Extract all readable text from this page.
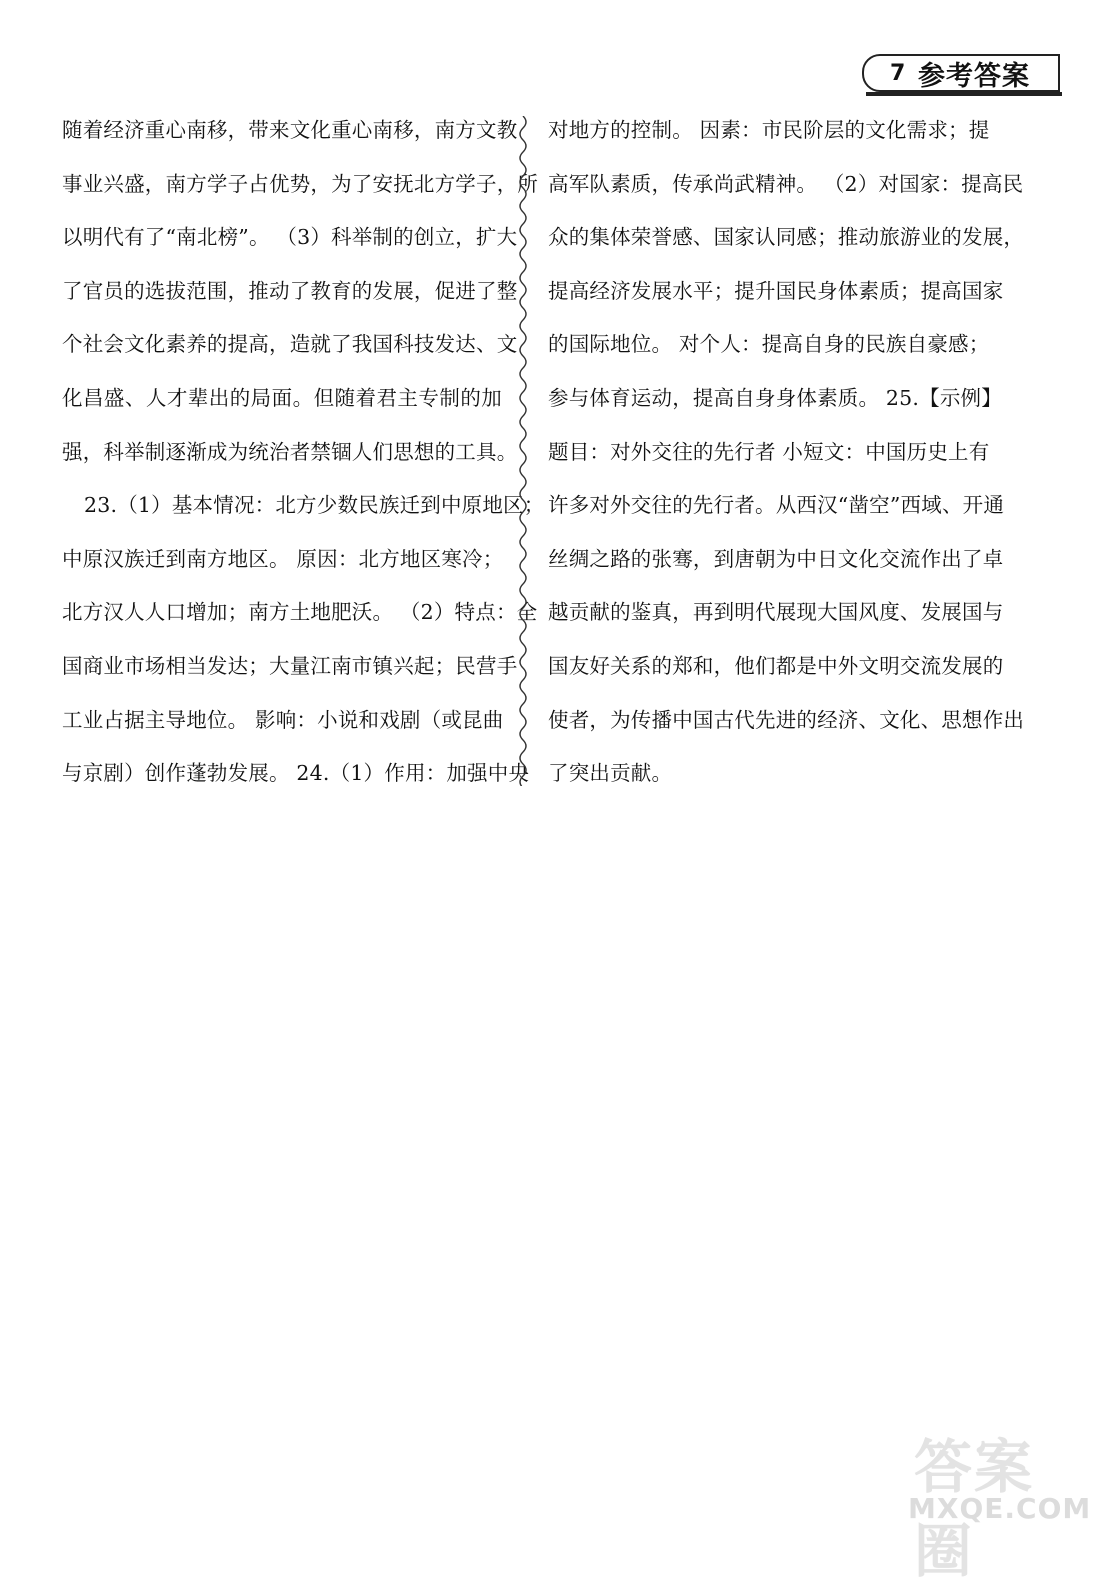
7 参考答案
随着经济重心南移，带来文化重心南移，南方文教
事业兴盛，南方学子占优势，为了安抚北方学子，所
以明代有了“南北榜”。 （3）科举制的创立，扩大
了官员的选拔范围，推动了教育的发展，促进了整
个社会文化素养的提高，造就了我国科技发达、文
化昌盛、人才辈出的局面。但随着君主专制的加
强，科举制逐渐成为统治者禁锢人们思想的工具。
23.（1）基本情况：北方少数民族迁到中原地区；
中原汉族迁到南方地区。 原因：北方地区寒冷；
北方汉人人口增加；南方土地肥沃。 （2）特点：全
国商业市场相当发达；大量江南市镇兴起；民营手
工业占据主导地位。 影响：小说和戏剧（或昆曲
与京剧）创作蓬勃发展。 24.（1）作用：加强中央
对地方的控制。 因素：市民阶层的文化需求；提
高军队素质，传承尚武精神。 （2）对国家：提高民
众的集体荣誉感、国家认同感；推动旅游业的发展，
提高经济发展水平；提升国民身体素质；提高国家
的国际地位。 对个人：提高自身的民族自豪感；
参与体育运动，提高自身身体素质。 25.【示例】
题目：对外交往的先行者 小短文：中国历史上有
许多对外交往的先行者。从西汉“凿空”西域、开通
丝绸之路的张骞，到唐朝为中日文化交流作出了卓
越贡献的鉴真，再到明代展现大国风度、发展国与
国友好关系的郑和，他们都是中外文明交流发展的
使者，为传播中国古代先进的经济、文化、思想作出
了突出贡献。
答案圈
MXQE.COM
